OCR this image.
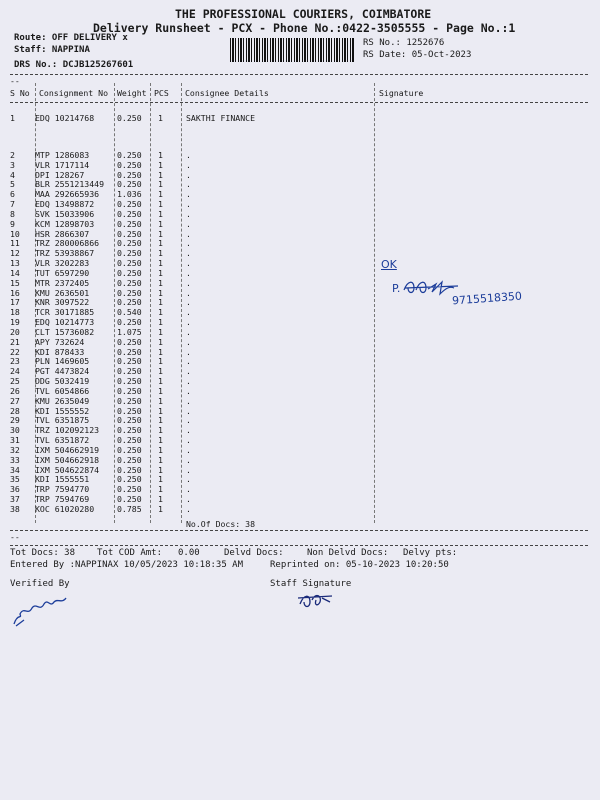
THE PROFESSIONAL COURIERS, COIMBATORE
Delivery Runsheet - PCX - Phone No.:0422-3505555 - Page No.:1
Route: OFF DELIVERY x
Staff: NAPPINA
DRS No.: DCJB125267601
RS No.: 1252676
RS Date: 05-Oct-2023
--
S No Consignment No Weight PCS Consignee Details	Signature
1 EDQ 10214768	0.250 1	SAKTHI FINANCE
2 MTP 1286083	0.250 1	.
3 VLR 1717114	0.250 1	.
4 DPI 128267	0.250 1	.
5 BLR 2551213449 0.250 1	.
6 MAA 292665936 1.036 1	.
7 EDQ 13498872	0.250 1	.
8 SVK 15033906	0.250 1	.
9 KCM 12898703	0.250 1	.
10 HSR 2866307	0.250 1	.
11 TRZ 280006866 0.250 1	.
12 TRZ 53938867	0.250 1	.
13 VLR 3202283	0.250 1	.
14 TUT 6597290	0.250 1	.
15 MTR 2372405	0.250 1	.
16 KMU 2636501	0.250 1	.
17 KNR 3097522	0.250 1	.
18 TCR 30171885	0.540 1	.
19 EDQ 10214773	0.250 1	.
20 CLT 15736082	1.075 1	.
21 APY 732624	0.250 1	.
22 KDI 878433	0.250 1	.
23 PLN 1469605	0.250 1	.
24 PGT 4473824	0.250 1	.
25 DDG 5032419	0.250 1	.
26 TVL 6054866	0.250 1	.
27 KMU 2635049	0.250 1	.
28 KDI 1555552	0.250 1	.
29 TVL 6351875	0.250 1	.
30 TRZ 102092123 0.250 1	.
31 TVL 6351872	0.250 1	.
32 IXM 504662919 0.250 1	.
33 IXM 504662918 0.250 1	.
34 IXM 504622874 0.250 1	.
35 KDI 1555551	0.250 1	.
36 TRP 7594770	0.250 1	.
37 TRP 7594769	0.250 1	.
38 KOC 61020280	0.785 1	.
No.Of Docs: 38
--
Tot Docs: 38 Tot COD Amt: 0.00	Delvd Docs:	Non Delvd Docs: Delvy pts:
Entered By :NAPPINAX 10/05/2023 10:18:35 AM	Reprinted on: 05-10-2023 10:20:50
Verified By	Staff Signature
OK
P.
9715518350
